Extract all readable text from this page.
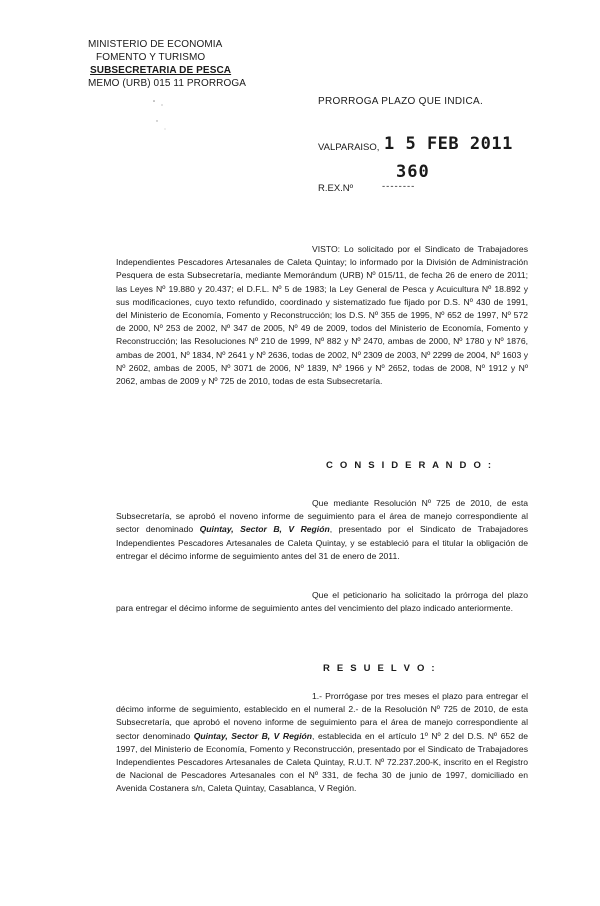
MINISTERIO DE ECONOMIA
FOMENTO Y TURISMO
SUBSECRETARIA DE PESCA
MEMO (URB) 015 11 PRORROGA
PRORROGA PLAZO QUE INDICA.
VALPARAISO, 1 5 FEB 2011
360
R.EX.Nº	--------
VISTO: Lo solicitado por el Sindicato de Trabajadores Independientes Pescadores Artesanales de Caleta Quintay; lo informado por la División de Administración Pesquera de esta Subsecretaría, mediante Memorándum (URB) Nº 015/11, de fecha 26 de enero de 2011; las Leyes Nº 19.880 y 20.437; el D.F.L. Nº 5 de 1983; la Ley General de Pesca y Acuicultura Nº 18.892 y sus modificaciones, cuyo texto refundido, coordinado y sistematizado fue fijado por D.S. Nº 430 de 1991, del Ministerio de Economía, Fomento y Reconstrucción; los D.S. Nº 355 de 1995, Nº 652 de 1997, Nº 572 de 2000, Nº 253 de 2002, Nº 347 de 2005, Nº 49 de 2009, todos del Ministerio de Economía, Fomento y Reconstrucción; las Resoluciones Nº 210 de 1999, Nº 882 y Nº 2470, ambas de 2000, Nº 1780 y Nº 1876, ambas de 2001, Nº 1834, Nº 2641 y Nº 2636, todas de 2002, Nº 2309 de 2003, Nº 2299 de 2004, Nº 1603 y Nº 2602, ambas de 2005, Nº 3071 de 2006, Nº 1839, Nº 1966 y Nº 2652, todas de 2008, Nº 1912 y Nº 2062, ambas de 2009 y Nº 725 de 2010, todas de esta Subsecretaría.
C O N S I D E R A N D O :
Que mediante Resolución Nº 725 de 2010, de esta Subsecretaría, se aprobó el noveno informe de seguimiento para el área de manejo correspondiente al sector denominado Quintay, Sector B, V Región, presentado por el Sindicato de Trabajadores Independientes Pescadores Artesanales de Caleta Quintay, y se estableció para el titular la obligación de entregar el décimo informe de seguimiento antes del 31 de enero de 2011.
Que el peticionario ha solicitado la prórroga del plazo para entregar el décimo informe de seguimiento antes del vencimiento del plazo indicado anteriormente.
R E S U E L V O :
1.- Prorrógase por tres meses el plazo para entregar el décimo informe de seguimiento, establecido en el numeral 2.- de la Resolución Nº 725 de 2010, de esta Subsecretaría, que aprobó el noveno informe de seguimiento para el área de manejo correspondiente al sector denominado Quintay, Sector B, V Región, establecida en el artículo 1º Nº 2 del D.S. Nº 652 de 1997, del Ministerio de Economía, Fomento y Reconstrucción, presentado por el Sindicato de Trabajadores Independientes Pescadores Artesanales de Caleta Quintay, R.U.T. Nº 72.237.200-K, inscrito en el Registro de Nacional de Pescadores Artesanales con el Nº 331, de fecha 30 de junio de 1997, domiciliado en Avenida Costanera s/n, Caleta Quintay, Casablanca, V Región.
